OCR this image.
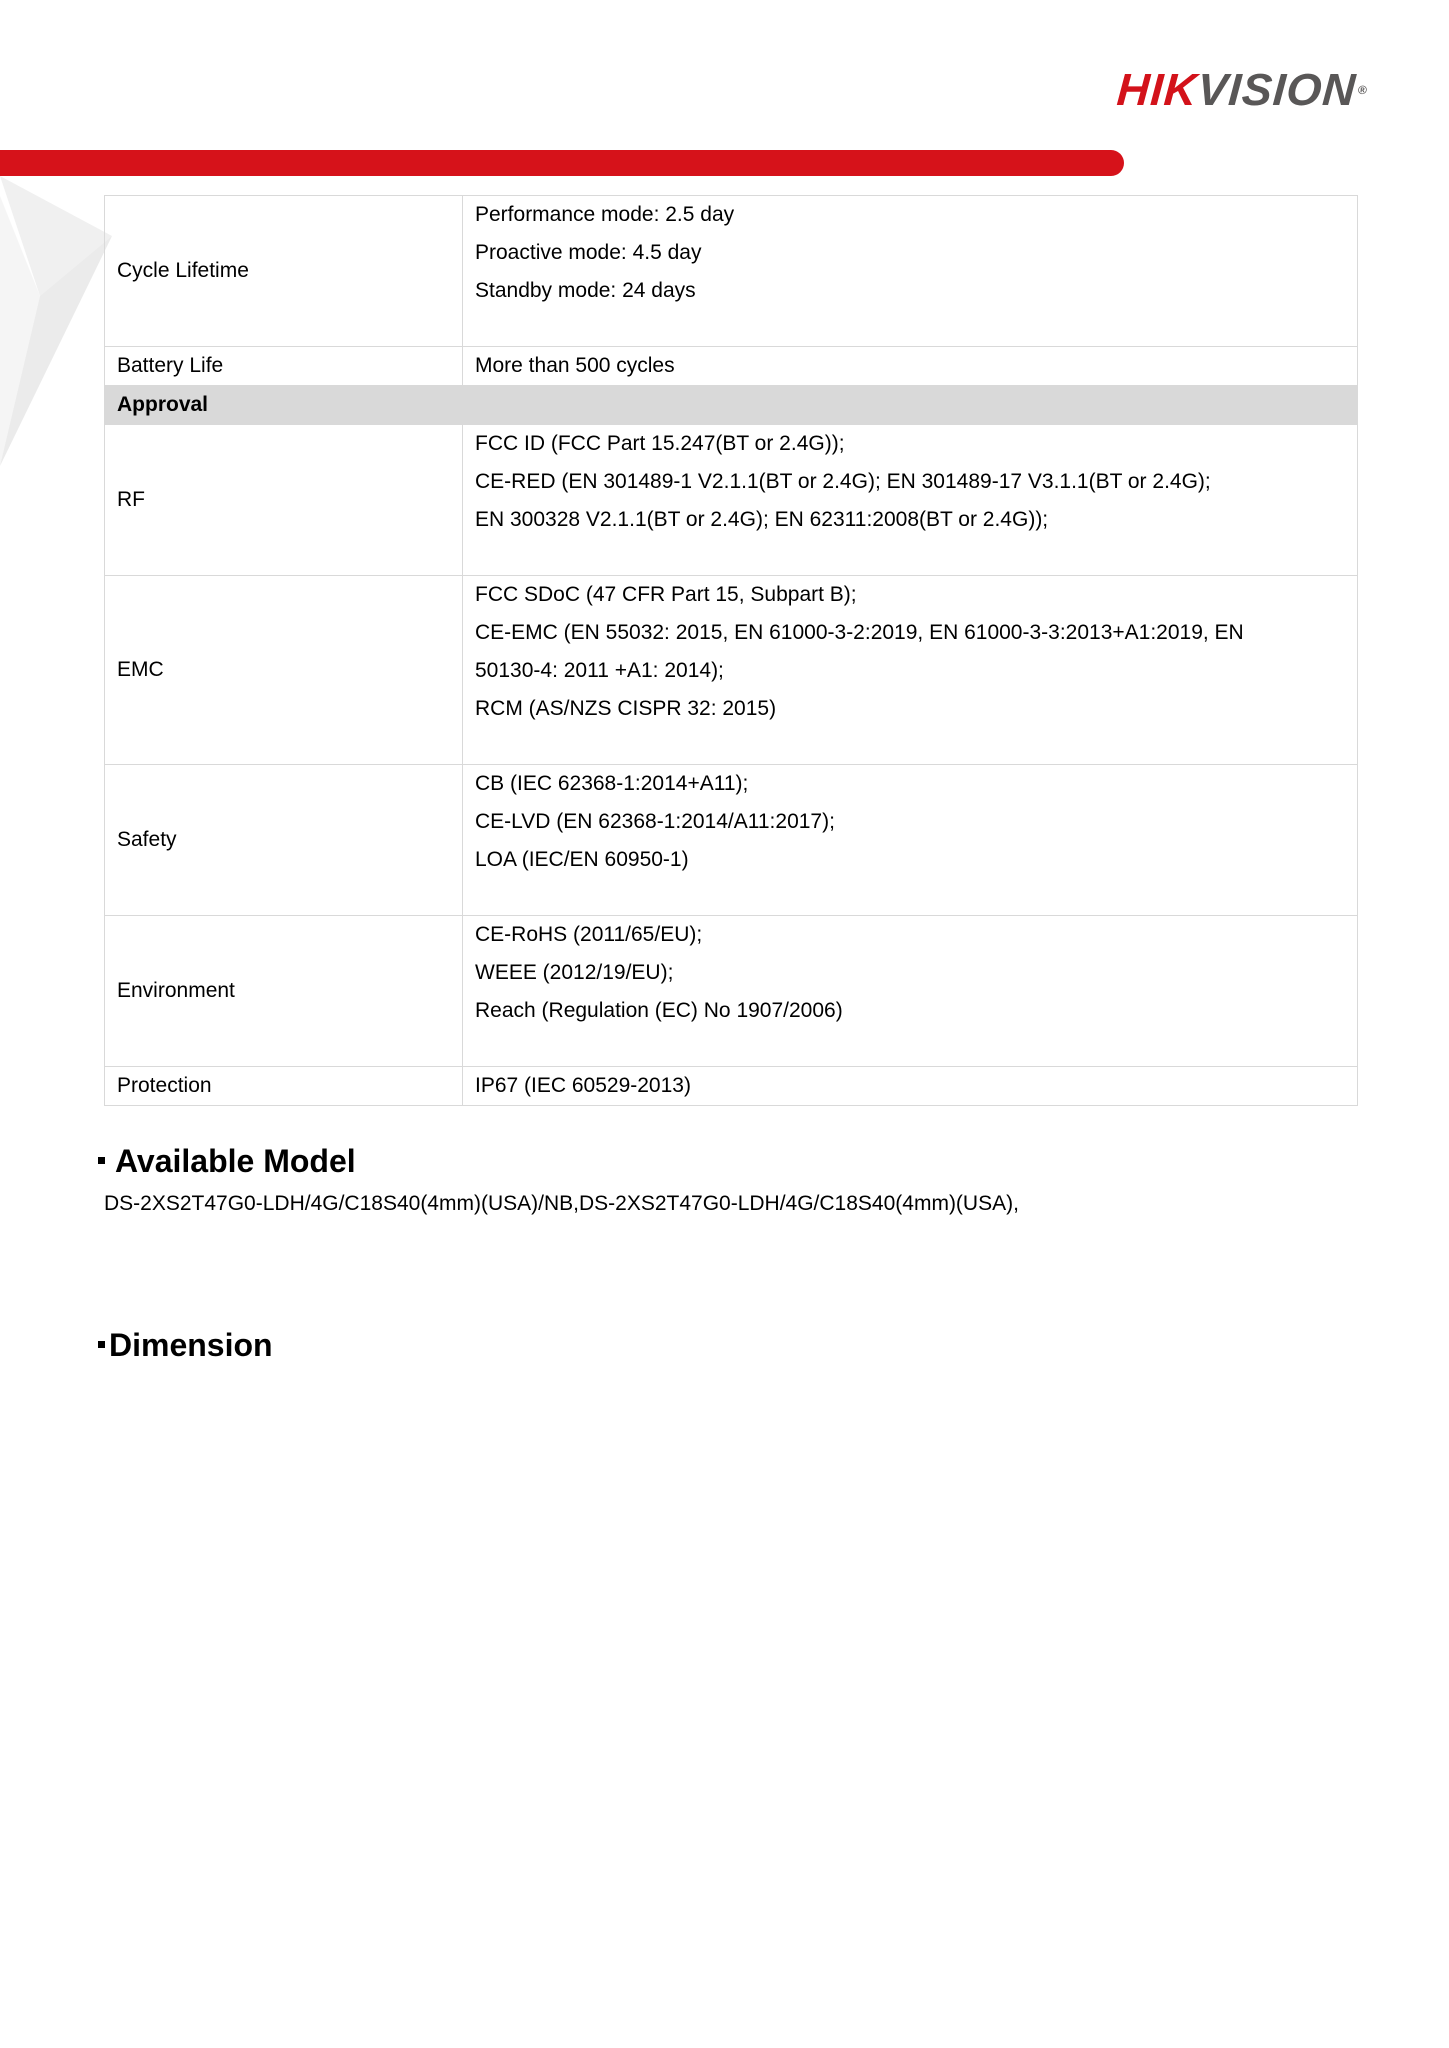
HIKVISION®
Cycle Lifetime	Performance mode: 2.5 day
Proactive mode: 4.5 day
Standby mode: 24 days

Battery Life	More than 500 cycles

Approval	
RF	FCC ID (FCC Part 15.247(BT or 2.4G));
CE-RED (EN 301489-1 V2.1.1(BT or 2.4G); EN 301489-17 V3.1.1(BT or 2.4G);
EN 300328 V2.1.1(BT or 2.4G); EN 62311:2008(BT or 2.4G));

EMC	FCC SDoC (47 CFR Part 15, Subpart B);
CE-EMC (EN 55032: 2015, EN 61000-3-2:2019, EN 61000-3-3:2013+A1:2019, EN
50130-4: 2011 +A1: 2014);
RCM (AS/NZS CISPR 32: 2015)

Safety	CB (IEC 62368-1:2014+A11);
CE-LVD (EN 62368-1:2014/A11:2017);
LOA (IEC/EN 60950-1)

Environment	CE-RoHS (2011/65/EU);
WEEE (2012/19/EU);
Reach (Regulation (EC) No 1907/2006)

Protection	IP67 (IEC 60529-2013)
Available Model
DS-2XS2T47G0-LDH/4G/C18S40(4mm)(USA)/NB,DS-2XS2T47G0-LDH/4G/C18S40(4mm)(USA),
Dimension
